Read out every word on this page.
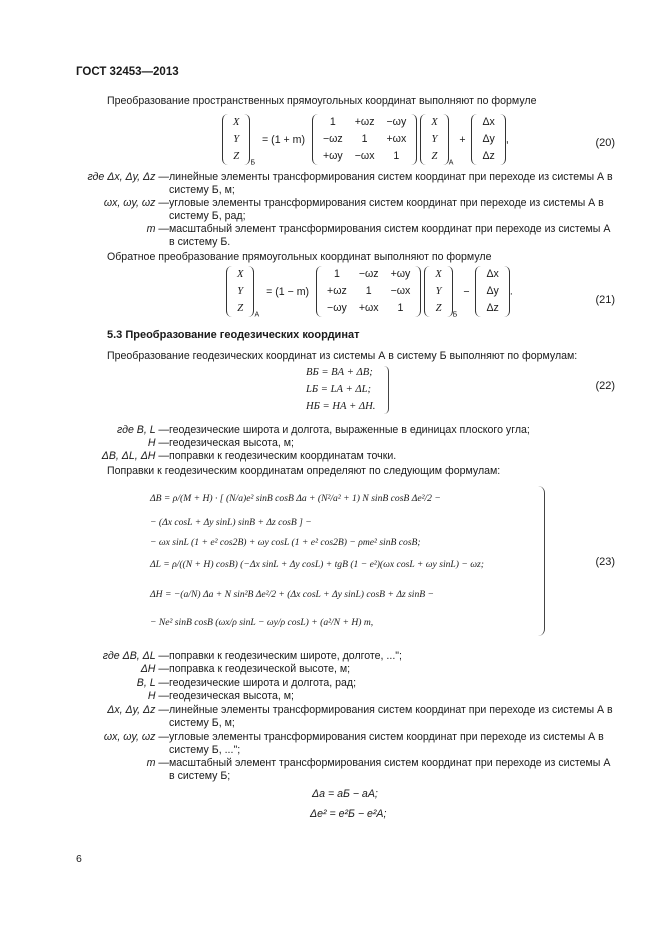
ГОСТ 32453—2013
Преобразование пространственных прямоугольных координат выполняют по формуле
X
Y
Z
$_Б$ = (1 + m)
1	+ωz	−ωy
−ωz	1	+ωx
+ωy	−ωx	1

X
Y
Z
$_А$ +
Δx
Δy
Δz
,	(20)
где Δx, Δy, Δz — линейные элементы трансформирования систем координат при переходе из системы А в систему Б, м;
ωx, ωy, ωz — угловые элементы трансформирования систем координат при переходе из системы А в систему Б, рад;
m — масштабный элемент трансформирования систем координат при переходе из системы А в систему Б.
Обратное преобразование прямоугольных координат выполняют по формуле
X
Y
Z
$_А$ = (1 − m)
1	−ωz	+ωy
+ωz	1	−ωx
−ωy	+ωx	1

X
Y
Z
$_Б$ −
Δx
Δy
Δz
.
(21)
5.3 Преобразование геодезических координат
Преобразование геодезических координат из системы А в систему Б выполняют по формулам:
BБ = BА + ΔB;
LБ = LА + ΔL;
HБ = HА + ΔH.
(22)
где B, L — геодезические широта и долгота, выраженные в единицах плоского угла;
H — геодезическая высота, м;
ΔB, ΔL, ΔH — поправки к геодезическим координатам точки.
Поправки к геодезическим координатам определяют по следующим формулам:
ΔB = ρ/(M + H) · [ (N/a)e² sinB cosB Δa + (N²/a² + 1) N sinB cosB Δe²/2 −
− (Δx cosL + Δy sinL) sinB + Δz cosB ] −
− ωx sinL (1 + e² cos2B) + ωy cosL (1 + e² cos2B) − ρme² sinB cosB;
ΔL = ρ/((N + H) cosB) (−Δx sinL + Δy cosL) + tgB (1 − e²)(ωx cosL + ωy sinL) − ωz;
ΔH = −(a/N) Δa + N sin²B Δe²/2 + (Δx cosL + Δy sinL) cosB + Δz sinB −
− Ne² sinB cosB (ωx/ρ sinL − ωy/ρ cosL) + (a²/N + H) m,
(23)
где ΔB, ΔL — поправки к геодезическим широте, долготе, ...";
ΔH — поправка к геодезической высоте, м;
B, L — геодезические широта и долгота, рад;
H — геодезическая высота, м;
Δx, Δy, Δz — линейные элементы трансформирования систем координат при переходе из системы А в систему Б, м;
ωx, ωy, ωz — угловые элементы трансформирования систем координат при переходе из системы А в систему Б, ...";
m — масштабный элемент трансформирования систем координат при переходе из системы А в систему Б;
Δa = aБ − aА;
Δe² = e²Б − e²А;
6
